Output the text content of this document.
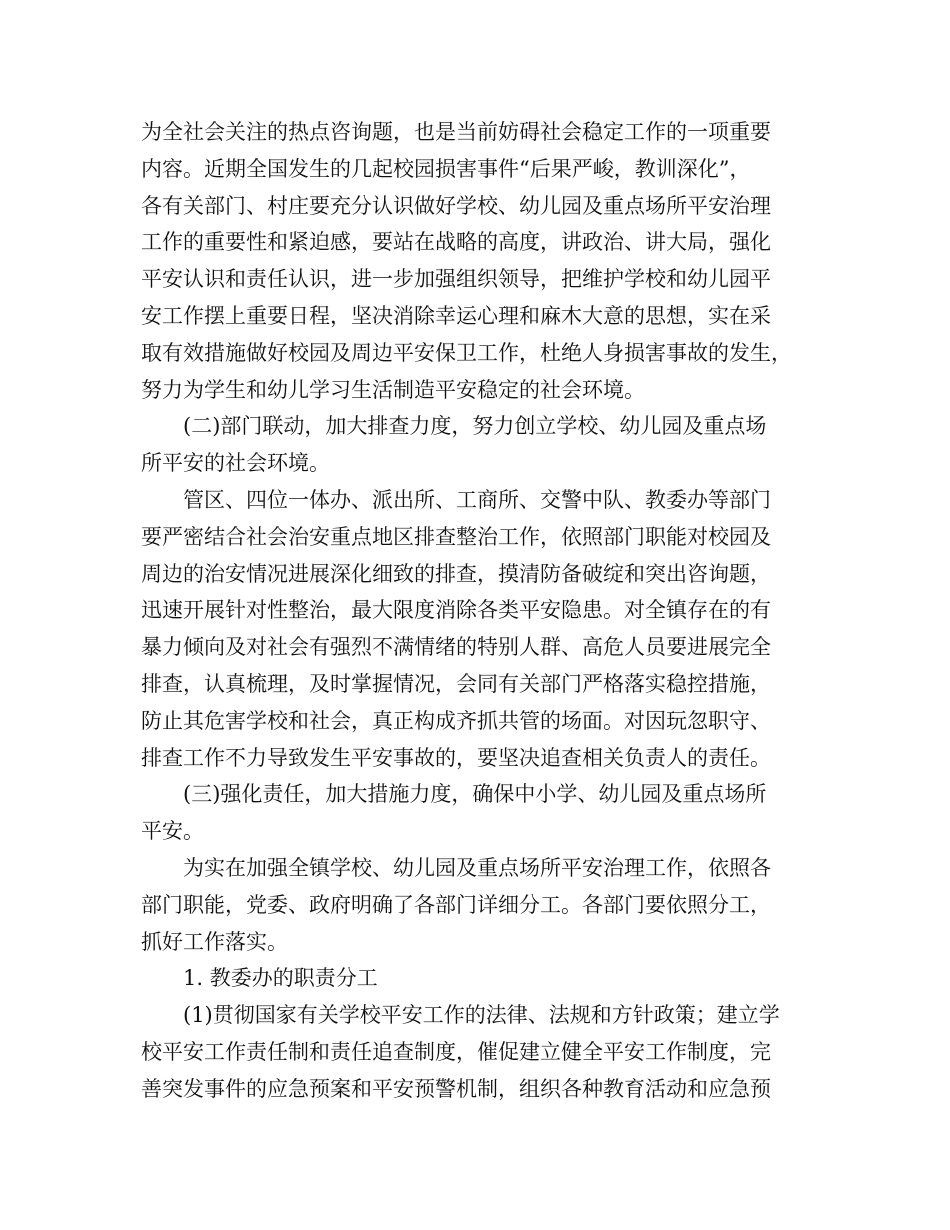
为全社会关注的热点咨询题，也是当前妨碍社会稳定工作的一项重要
内容。近期全国发生的几起校园损害事件“后果严峻，教训深化”，
各有关部门、村庄要充分认识做好学校、幼儿园及重点场所平安治理
工作的重要性和紧迫感，要站在战略的高度，讲政治、讲大局，强化
平安认识和责任认识，进一步加强组织领导，把维护学校和幼儿园平
安工作摆上重要日程，坚决消除幸运心理和麻木大意的思想，实在采
取有效措施做好校园及周边平安保卫工作，杜绝人身损害事故的发生，
努力为学生和幼儿学习生活制造平安稳定的社会环境。
(二)部门联动，加大排查力度，努力创立学校、幼儿园及重点场
所平安的社会环境。
管区、四位一体办、派出所、工商所、交警中队、教委办等部门
要严密结合社会治安重点地区排查整治工作，依照部门职能对校园及
周边的治安情况进展深化细致的排查，摸清防备破绽和突出咨询题，
迅速开展针对性整治，最大限度消除各类平安隐患。对全镇存在的有
暴力倾向及对社会有强烈不满情绪的特别人群、高危人员要进展完全
排查，认真梳理，及时掌握情况，会同有关部门严格落实稳控措施，
防止其危害学校和社会，真正构成齐抓共管的场面。对因玩忽职守、
排查工作不力导致发生平安事故的，要坚决追查相关负责人的责任。
(三)强化责任，加大措施力度，确保中小学、幼儿园及重点场所
平安。
为实在加强全镇学校、幼儿园及重点场所平安治理工作，依照各
部门职能，党委、政府明确了各部门详细分工。各部门要依照分工，
抓好工作落实。
1. 教委办的职责分工
(1)贯彻国家有关学校平安工作的法律、法规和方针政策；建立学
校平安工作责任制和责任追查制度，催促建立健全平安工作制度，完
善突发事件的应急预案和平安预警机制，组织各种教育活动和应急预
